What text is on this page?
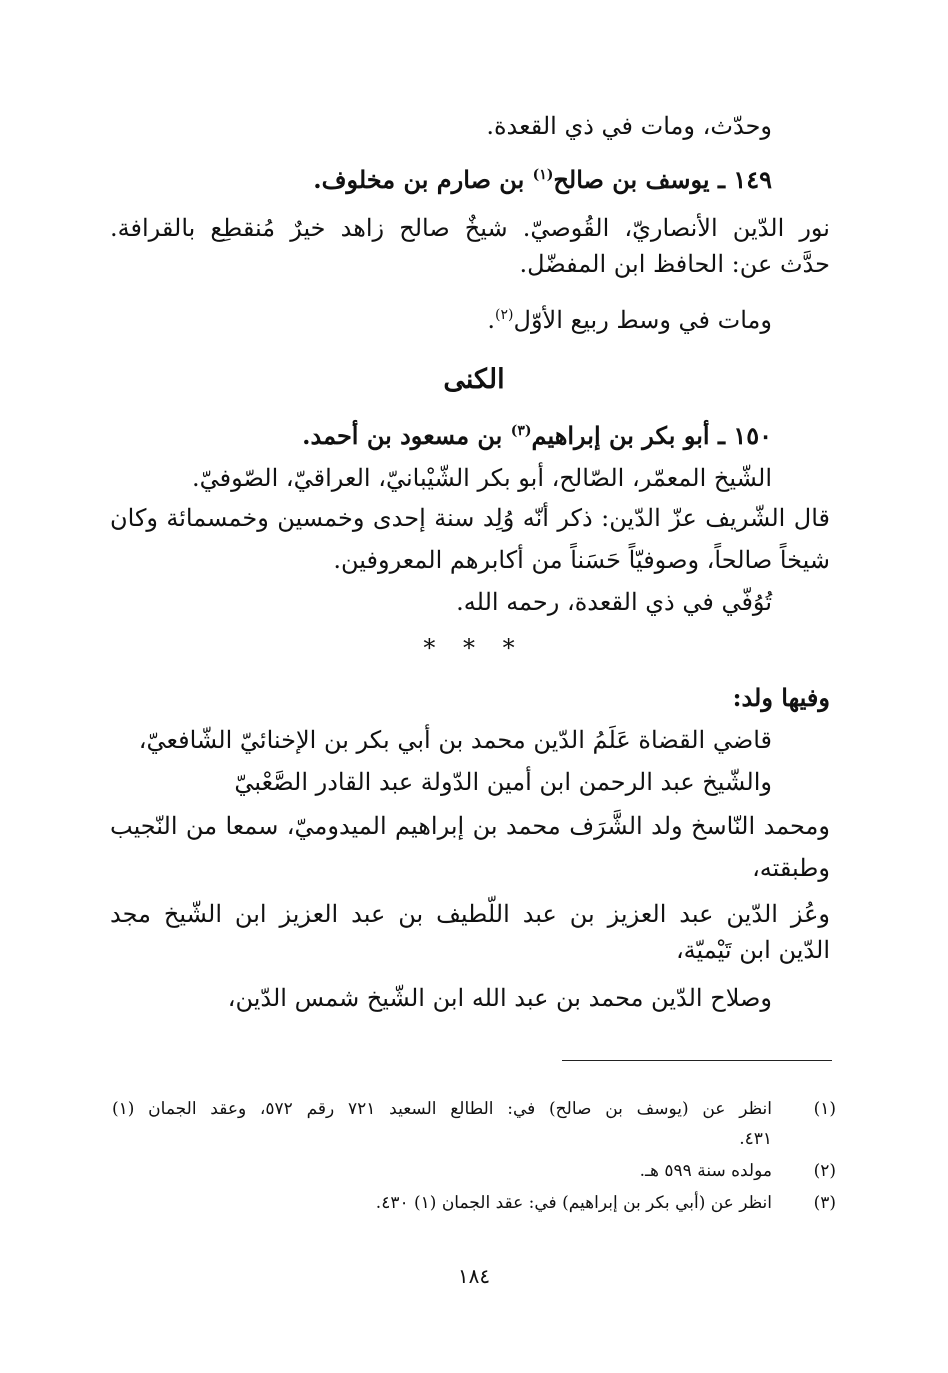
وحدّث، ومات في ذي القعدة.
١٤٩ ـ يوسف بن صالح$^{(١)}$ بن صارم بن مخلوف.
نور الدّين الأنصاريّ، القُوصيّ. شيخٌ صالح زاهد خيرٌ مُنقطِع بالقرافة.
حدَّث عن: الحافظ ابن المفضّل.
ومات في وسط ربيع الأوّل$^{(٢)}$.
الكنى
١٥٠ ـ أبو بكر بن إبراهيم$^{(٣)}$ بن مسعود بن أحمد.
الشّيخ المعمّر، الصّالح، أبو بكر الشّيْبانيّ، العراقيّ، الصّوفيّ.
قال الشّريف عزّ الدّين: ذكر أنّه وُلِد سنة إحدى وخمسين وخمسمائة وكان
شيخاً صالحاً، وصوفيّاً حَسَناً من أكابرهم المعروفين.
تُوُفّي في ذي القعدة، رحمه الله.
* * *
وفيها ولد:
قاضي القضاة عَلَمُ الدّين محمد بن أبي بكر بن الإخنائيّ الشّافعيّ،
والشّيخ عبد الرحمن ابن أمين الدّولة عبد القادر الصَّعْبيّ
ومحمد النّاسخ ولد الشَّرَف محمد بن إبراهيم الميدوميّ، سمعا من النّجيب
وطبقته،
وعُز الدّين عبد العزيز بن عبد اللّطيف بن عبد العزيز ابن الشّيخ مجد
الدّين ابن تَيْميّة،
وصلاح الدّين محمد بن عبد الله ابن الشّيخ شمس الدّين،
(١)
انظر عن (يوسف بن صالح) في: الطالع السعيد ٧٢١ رقم ٥٧٢، وعقد الجمان (١)
٤٣١.
(٢)
مولده سنة ٥٩٩ هـ.
(٣)
انظر عن (أبي بكر بن إبراهيم) في: عقد الجمان (١) ٤٣٠.
١٨٤
